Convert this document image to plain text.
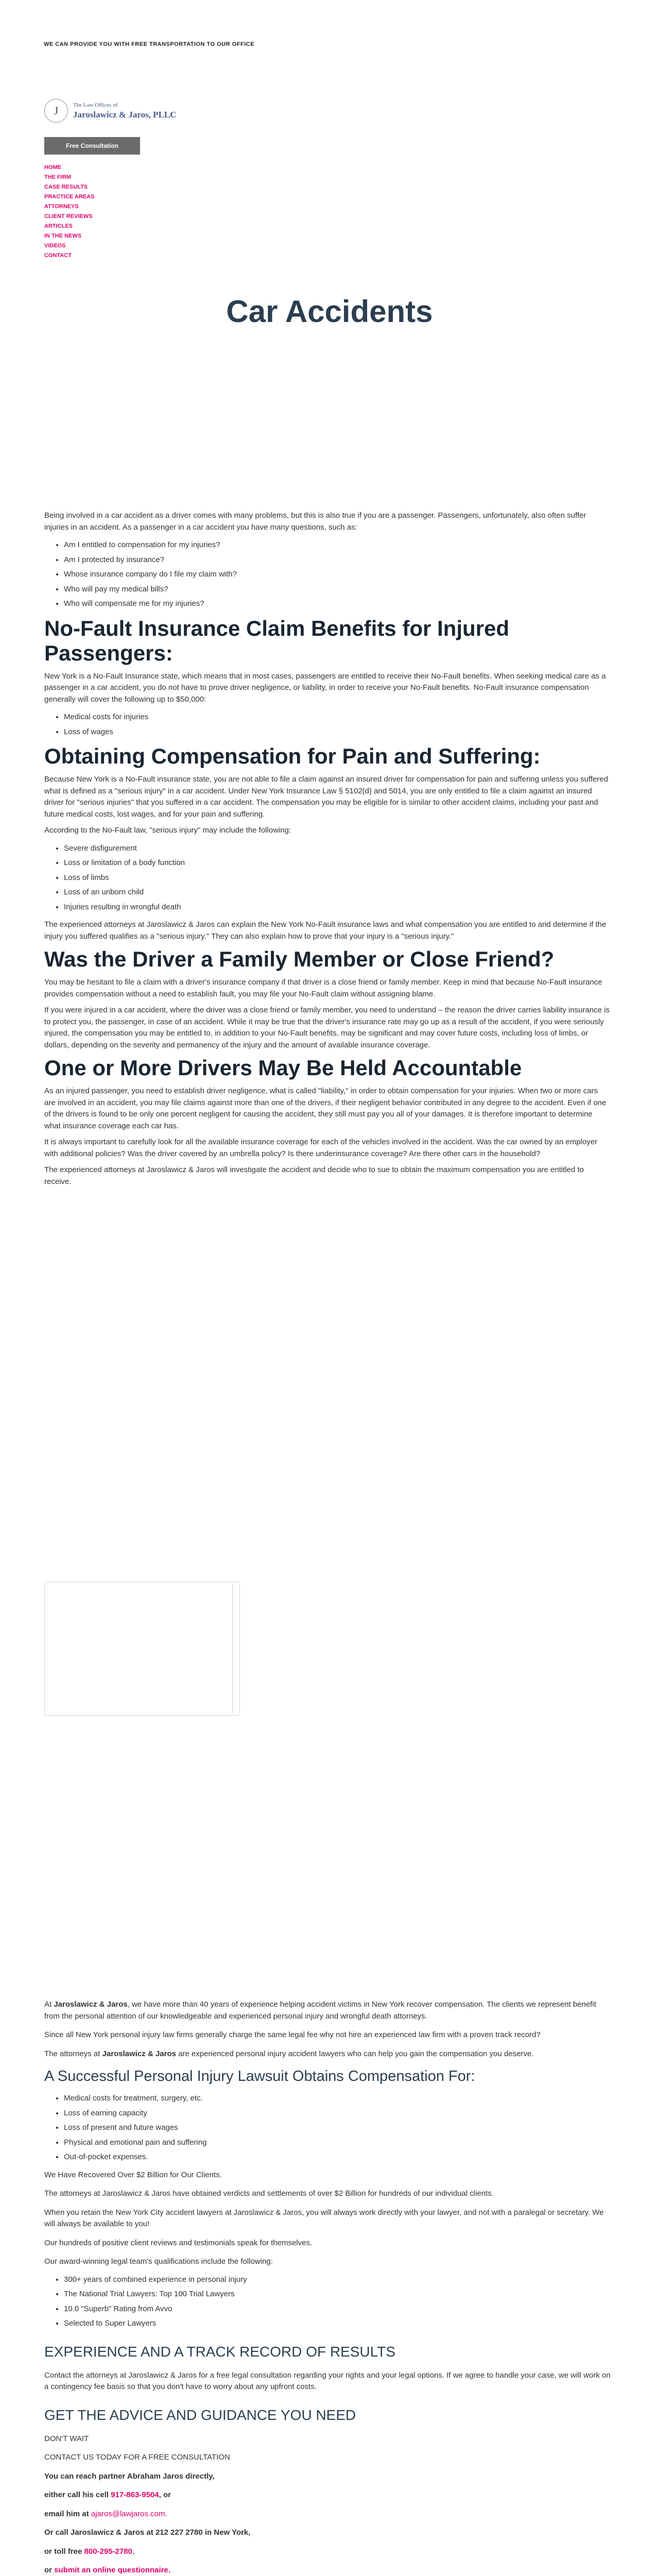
WE CAN PROVIDE YOU WITH FREE TRANSPORTATION TO OUR OFFICE
J	The Law Offices of
Jaroslawicz & Jaros, PLLC
Free Consultation
HOME
THE FIRM
CASE RESULTS
PRACTICE AREAS
ATTORNEYS
CLIENT REVIEWS
ARTICLES
IN THE NEWS
VIDEOS
CONTACT
Car Accidents

Being involved in a car accident as a driver comes with many problems, but this is also true if you are a passenger. Passengers, unfortunately, also often suffer injuries in an accident. As a passenger in a car accident you have many questions, such as:

• Am I entitled to compensation for my injuries?
• Am I protected by insurance?
• Whose insurance company do I file my claim with?
• Who will pay my medical bills?
• Who will compensate me for my injuries?
No-Fault Insurance Claim Benefits for Injured Passengers:

New York is a No-Fault Insurance state, which means that in most cases, passengers are entitled to receive their No-Fault benefits. When seeking medical care as a passenger in a car accident, you do not have to prove driver negligence, or liability, in order to receive your No-Fault benefits. No-Fault insurance compensation generally will cover the following up to $50,000:

• Medical costs for injuries
• Loss of wages
Obtaining Compensation for Pain and Suffering:

Because New York is a No-Fault insurance state, you are not able to file a claim against an insured driver for compensation for pain and suffering unless you suffered what is defined as a "serious injury" in a car accident. Under New York Insurance Law § 5102(d) and 5014, you are only entitled to file a claim against an insured driver for "serious injuries" that you suffered in a car accident. The compensation you may be eligible for is similar to other accident claims, including your past and future medical costs, lost wages, and for your pain and suffering.

According to the No-Fault law, "serious injury" may include the following:

• Severe disfigurement
• Loss or limitation of a body function
• Loss of limbs
• Loss of an unborn child
• Injuries resulting in wrongful death

The experienced attorneys at Jaroslawicz & Jaros can explain the New York No-Fault insurance laws and what compensation you are entitled to and determine if the injury you suffered qualifies as a "serious injury." They can also explain how to prove that your injury is a "serious injury."

Was the Driver a Family Member or Close Friend?

You may be hesitant to file a claim with a driver's insurance company if that driver is a close friend or family member. Keep in mind that because No-Fault insurance provides compensation without a need to establish fault, you may file your No-Fault claim without assigning blame.

If you were injured in a car accident, where the driver was a close friend or family member, you need to understand – the reason the driver carries liability insurance is to protect you, the passenger, in case of an accident. While it may be true that the driver's insurance rate may go up as a result of the accident, if you were seriously injured, the compensation you may be entitled to, in addition to your No-Fault benefits, may be significant and may cover future costs, including loss of limbs, or dollars, depending on the severity and permanency of the injury and the amount of available insurance coverage.

One or More Drivers May Be Held Accountable

As an injured passenger, you need to establish driver negligence, what is called "liability," in order to obtain compensation for your injuries. When two or more cars are involved in an accident, you may file claims against more than one of the drivers, if their negligent behavior contributed in any degree to the accident. Even if one of the drivers is found to be only one percent negligent for causing the accident, they still must pay you all of your damages. It is therefore important to determine what insurance coverage each car has.

It is always important to carefully look for all the available insurance coverage for each of the vehicles involved in the accident. Was the car owned by an employer with additional policies? Was the driver covered by an umbrella policy? Is there underinsurance coverage? Are there other cars in the household?

The experienced attorneys at Jaroslawicz & Jaros will investigate the accident and decide who to sue to obtain the maximum compensation you are entitled to receive.

At Jaroslawicz & Jaros, we have more than 40 years of experience helping accident victims in New York recover compensation. The clients we represent benefit from the personal attention of our knowledgeable and experienced personal injury and wrongful death attorneys.

Since all New York personal injury law firms generally charge the same legal fee why not hire an experienced law firm with a proven track record?

The attorneys at Jaroslawicz & Jaros are experienced personal injury accident lawyers who can help you gain the compensation you deserve.

A Successful Personal Injury Lawsuit Obtains Compensation For:
• Medical costs for treatment, surgery, etc.
• Loss of earning capacity
• Loss of present and future wages
• Physical and emotional pain and suffering
• Out-of-pocket expenses.

We Have Recovered Over $2 Billion for Our Clients.

The attorneys at Jaroslawicz & Jaros have obtained verdicts and settlements of over $2 Billion for hundreds of our individual clients.

When you retain the New York City accident lawyers at Jaroslawicz & Jaros, you will always work directly with your lawyer, and not with a paralegal or secretary. We will always be available to you!

Our hundreds of positive client reviews and testimonials speak for themselves.

Our award-winning legal team's qualifications include the following:

• 300+ years of combined experience in personal injury
• The National Trial Lawyers: Top 100 Trial Lawyers
• 10.0 "Superb" Rating from Avvo
• Selected to Super Lawyers
EXPERIENCE AND A TRACK RECORD OF RESULTS

Contact the attorneys at Jaroslawicz & Jaros for a free legal consultation regarding your rights and your legal options. If we agree to handle your case, we will work on a contingency fee basis so that you don't have to worry about any upfront costs.

GET THE ADVICE AND GUIDANCE YOU NEED

DON'T WAIT

CONTACT US TODAY FOR A FREE CONSULTATION

You can reach partner Abraham Jaros directly,

either call his cell 917-863-9504, or

email him at ajaros@lawjaros.com.

Or call Jaroslawicz & Jaros at 212 227 2780 in New York,

or toll free 800-295-2780,

or submit an online questionnaire.
